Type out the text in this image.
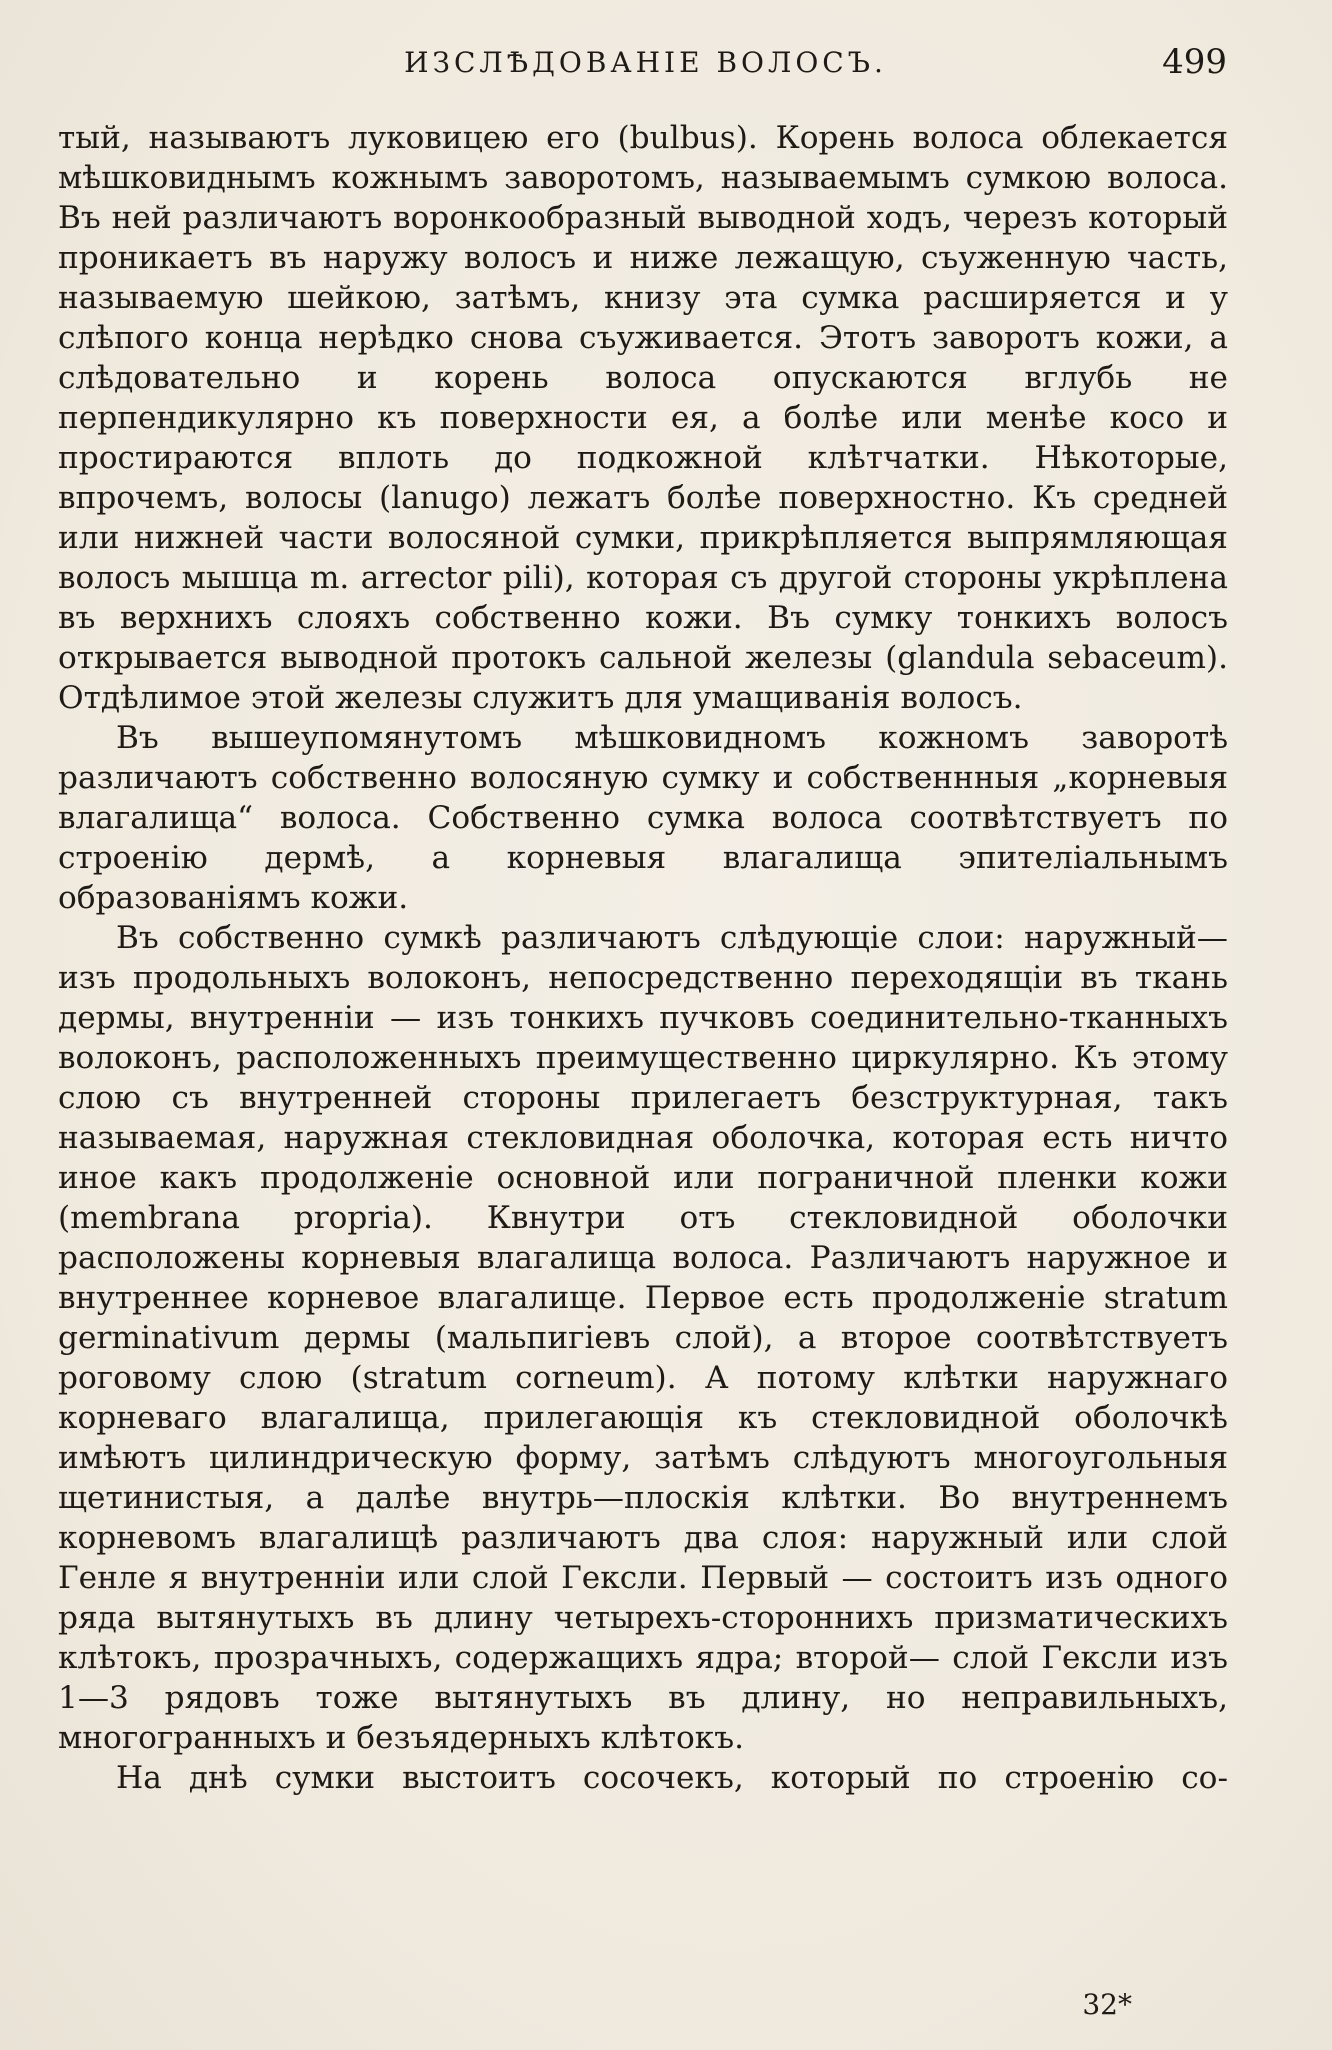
ИЗСЛѢДОВАНІЕ ВОЛОСЪ.	499

тый, называютъ луковицею его (bulbus). Корень волоса облекается мѣшковиднымъ кожнымъ заворотомъ, называемымъ сумкою волоса. Въ ней различаютъ воронкообразный выводной ходъ, черезъ который проникаетъ въ наружу волосъ и ниже лежащую, съуженную часть, называемую шейкою, затѣмъ, книзу эта сумка расширяется и у слѣпого конца нерѣдко снова съуживается. Этотъ заворотъ кожи, а слѣдовательно и корень волоса опускаются вглубь не перпендикулярно къ поверхности ея, а болѣе или менѣе косо и простираются вплоть до подкожной клѣтчатки. Нѣкоторые, впрочемъ, волосы (lanugo) лежатъ болѣе поверхностно. Къ средней или нижней части волосяной сумки, прикрѣпляется выпрямляющая волосъ мышца m. arrector pili), которая съ другой стороны укрѣплена въ верхнихъ слояхъ собственно кожи. Въ сумку тонкихъ волосъ открывается выводной протокъ сальной железы (glandula sebaceum). Отдѣлимое этой железы служитъ для умащиванія волосъ.

Въ вышеупомянутомъ мѣшковидномъ кожномъ заворотѣ различаютъ собственно волосяную сумку и собственнныя „корневыя влагалища“ волоса. Собственно сумка волоса соотвѣтствуетъ по строенію дермѣ, а корневыя влагалища эпителіальнымъ образованіямъ кожи.

Въ собственно сумкѣ различаютъ слѣдующіе слои: наружный—изъ продольныхъ волоконъ, непосредственно переходящіи въ ткань дермы, внутренніи — изъ тонкихъ пучковъ соединительно-тканныхъ волоконъ, расположенныхъ преимущественно циркулярно. Къ этому слою съ внутренней стороны прилегаетъ безструктурная, такъ называемая, наружная стекловидная оболочка, которая есть ничто иное какъ продолженіе основной или пограничной пленки кожи (membrana propria). Квнутри отъ стекловидной оболочки расположены корневыя влагалища волоса. Различаютъ наружное и внутреннее корневое влагалище. Первое есть продолженіе stratum germinativum дермы (мальпигіевъ слой), а второе соотвѣтствуетъ роговому слою (stratum corneum). А потому клѣтки наружнаго корневаго влагалища, прилегающія къ стекловидной оболочкѣ имѣютъ цилиндрическую форму, затѣмъ слѣдуютъ многоугольныя щетинистыя, а далѣе внутрь—плоскія клѣтки. Во внутреннемъ корневомъ влагалищѣ различаютъ два слоя: наружный или слой Генле я внутренніи или слой Гексли. Первый — состоитъ изъ одного ряда вытянутыхъ въ длину четырехъ-стороннихъ призматическихъ клѣтокъ, прозрачныхъ, содержащихъ ядра; второй— слой Гексли изъ 1—3 рядовъ тоже вытянутыхъ въ длину, но неправильныхъ, многогранныхъ и безъядерныхъ клѣтокъ.

На днѣ сумки выстоитъ сосочекъ, который по строенію со-

32*
